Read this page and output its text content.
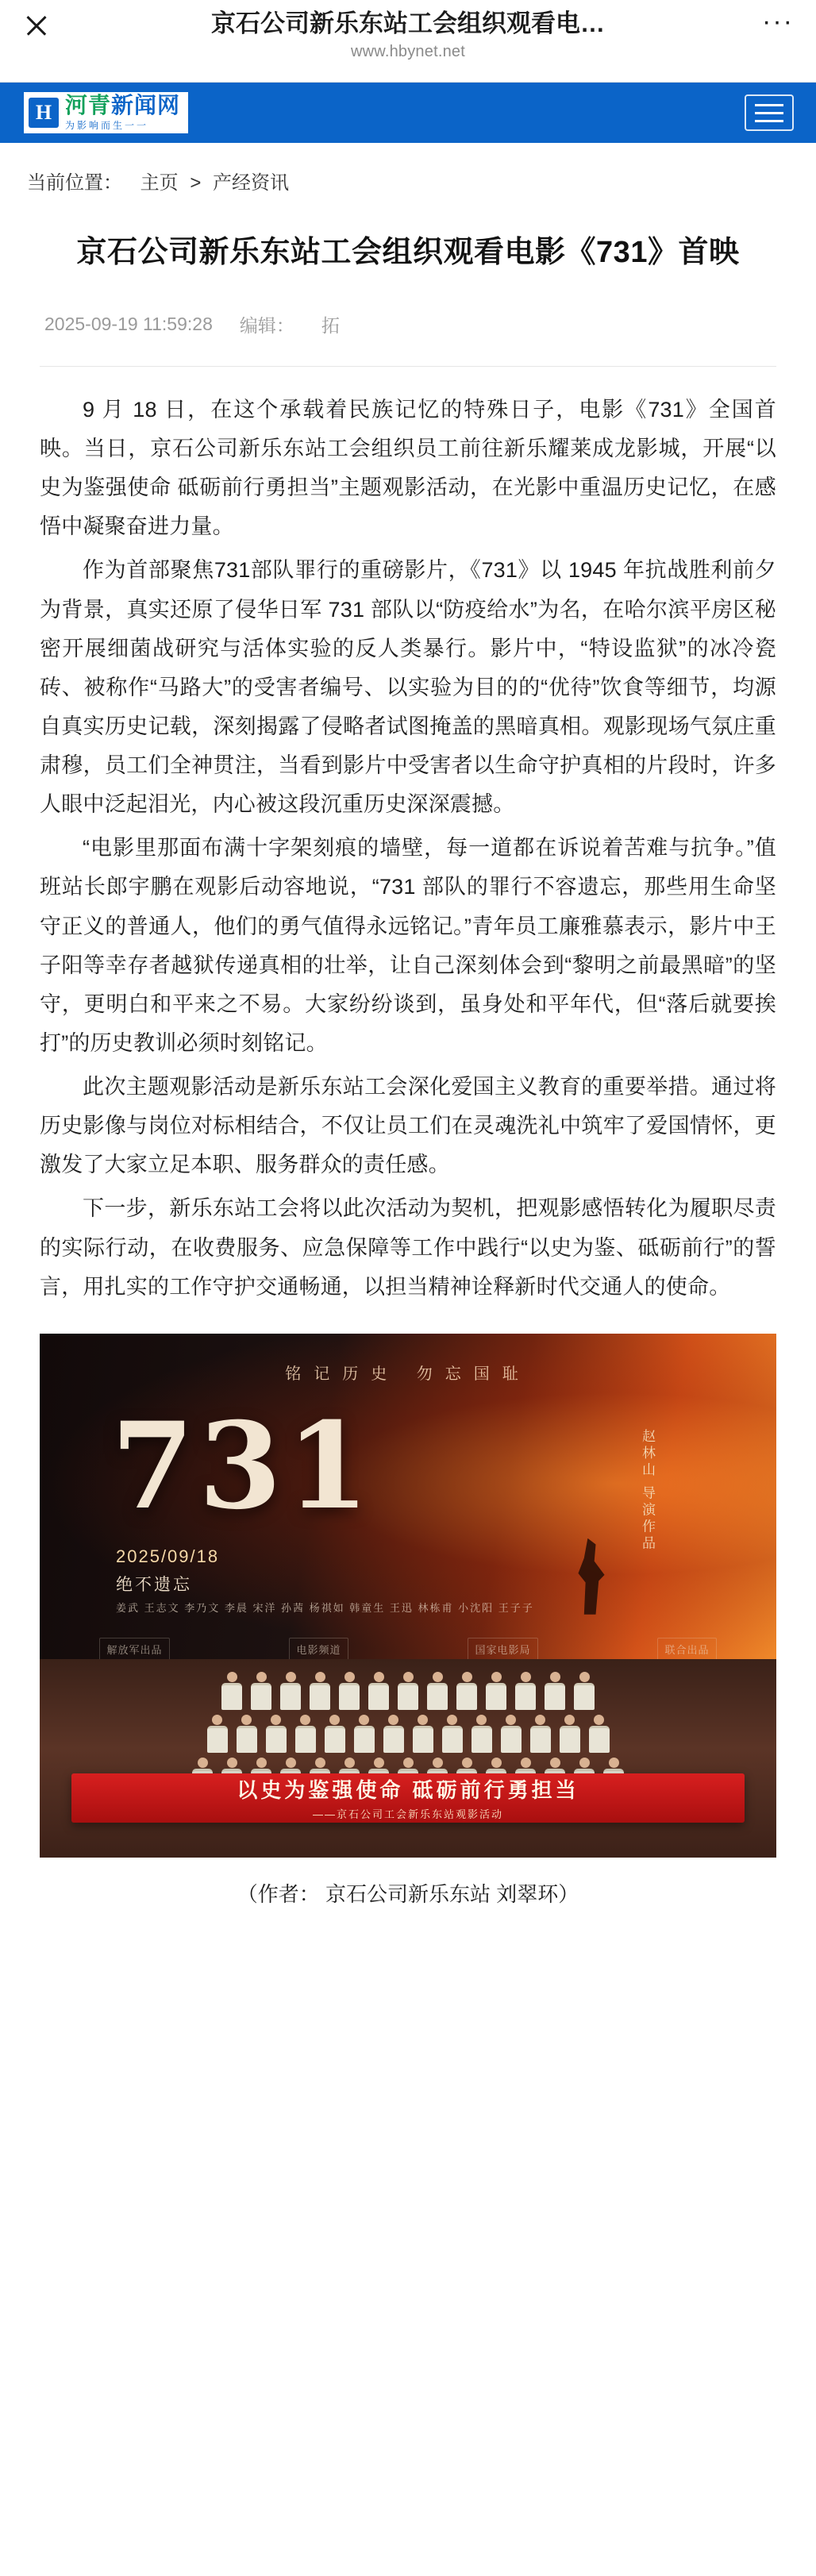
京石公司新乐东站工会组织观看电…
www.hbynet.net
···
H 河青新闻网
为影响而生一一
当前位置： 主页 > 产经资讯
京石公司新乐东站工会组织观看电影《731》首映
2025-09-19 11:59:28 编辑： 拓

9 月 18 日，在这个承载着民族记忆的特殊日子，电影《731》全国首映。当日，京石公司新乐东站工会组织员工前往新乐耀莱成龙影城，开展“以史为鉴强使命 砥砺前行勇担当”主题观影活动，在光影中重温历史记忆，在感悟中凝聚奋进力量。

作为首部聚焦731部队罪行的重磅影片，《731》以 1945 年抗战胜利前夕为背景，真实还原了侵华日军 731 部队以“防疫给水”为名，在哈尔滨平房区秘密开展细菌战研究与活体实验的反人类暴行。影片中，“特设监狱”的冰冷瓷砖、被称作“马路大”的受害者编号、以实验为目的的“优待”饮食等细节，均源自真实历史记载，深刻揭露了侵略者试图掩盖的黑暗真相。观影现场气氛庄重肃穆，员工们全神贯注，当看到影片中受害者以生命守护真相的片段时，许多人眼中泛起泪光，内心被这段沉重历史深深震撼。

“电影里那面布满十字架刻痕的墙壁，每一道都在诉说着苦难与抗争。”值班站长郎宇鹏在观影后动容地说，“731 部队的罪行不容遗忘，那些用生命坚守正义的普通人，他们的勇气值得永远铭记。”青年员工廉雅慕表示，影片中王子阳等幸存者越狱传递真相的壮举，让自己深刻体会到“黎明之前最黑暗”的坚守，更明白和平来之不易。大家纷纷谈到，虽身处和平年代，但“落后就要挨打”的历史教训必须时刻铭记。

此次主题观影活动是新乐东站工会深化爱国主义教育的重要举措。通过将历史影像与岗位对标相结合，不仅让员工们在灵魂洗礼中筑牢了爱国情怀，更激发了大家立足本职、服务群众的责任感。

下一步，新乐东站工会将以此次活动为契机，把观影感悟转化为履职尽责的实际行动，在收费服务、应急保障等工作中践行“以史为鉴、砥砺前行”的誓言，用扎实的工作守护交通畅通，以担当精神诠释新时代交通人的使命。

铭记历史 勿忘国耻
731
2025/09/18
绝不遗忘
姜武 王志文 李乃文 李晨 宋洋 孙茜 杨祺如 韩童生 王迅 林栋甫 小沈阳 王子子
赵林山 导演作品
解放军出品	电影频道	国家电影局	联合出品
以史为鉴强使命 砥砺前行勇担当
——京石公司工会新乐东站观影活动
（作者： 京石公司新乐东站 刘翠环）
